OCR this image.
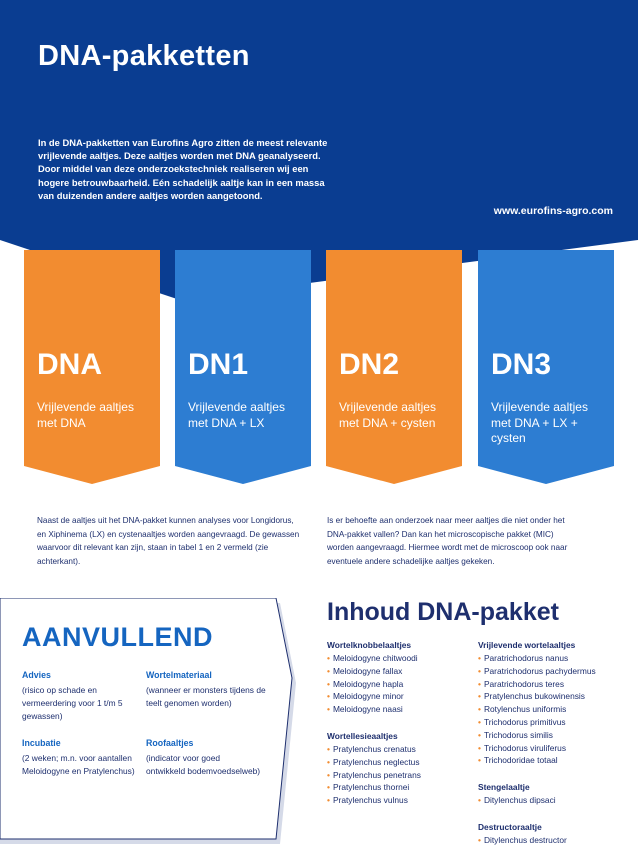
DNA-pakketten
In de DNA-pakketten van Eurofins Agro zitten de meest relevante vrijlevende aaltjes. Deze aaltjes worden met DNA geanalyseerd. Door middel van deze onderzoekstechniek realiseren wij een hogere betrouwbaarheid. Eén schadelijk aaltje kan in een massa van duizenden andere aaltjes worden aangetoond.
www.eurofins-agro.com
DNA
Vrijlevende aaltjes met DNA
DN1
Vrijlevende aaltjes met DNA + LX
DN2
Vrijlevende aaltjes met DNA + cysten
DN3
Vrijlevende aaltjes met DNA + LX + cysten
Naast de aaltjes uit het DNA-pakket kunnen analyses voor Longidorus, en Xiphinema (LX) en cystenaaltjes worden aangevraagd. De gewassen waarvoor dit relevant kan zijn, staan in tabel 1 en 2 vermeld (zie achterkant).
Is er behoefte aan onderzoek naar meer aaltjes die niet onder het DNA-pakket vallen? Dan kan het microscopische pakket (MIC) worden aangevraagd. Hiermee wordt met de microscoop ook naar eventuele andere schadelijke aaltjes gekeken.
AANVULLEND
Advies
(risico op schade en vermeerdering voor 1 t/m 5 gewassen)
Wortelmateriaal
(wanneer er monsters tijdens de teelt genomen worden)
Incubatie
(2 weken; m.n. voor aantallen Meloidogyne en Pratylenchus)
Roofaaltjes
(indicator voor goed ontwikkeld bodemvoedselweb)
Inhoud DNA-pakket
Wortelknobbelaaltjes
• Meloidogyne chitwoodi
• Meloidogyne fallax
• Meloidogyne hapla
• Meloidogyne minor
• Meloidogyne naasi
Wortellesieaaltjes
• Pratylenchus crenatus
• Pratylenchus neglectus
• Pratylenchus penetrans
• Pratylenchus thornei
• Pratylenchus vulnus
Vrijlevende wortelaaltjes
• Paratrichodorus nanus
• Paratrichodorus pachydermus
• Paratrichodorus teres
• Pratylenchus bukowinensis
• Rotylenchus uniformis
• Trichodorus primitivus
• Trichodorus similis
• Trichodorus viruliferus
• Trichodoridae totaal
Stengelaaltje
• Ditylenchus dipsaci
Destructoraaltje
• Ditylenchus destructor
